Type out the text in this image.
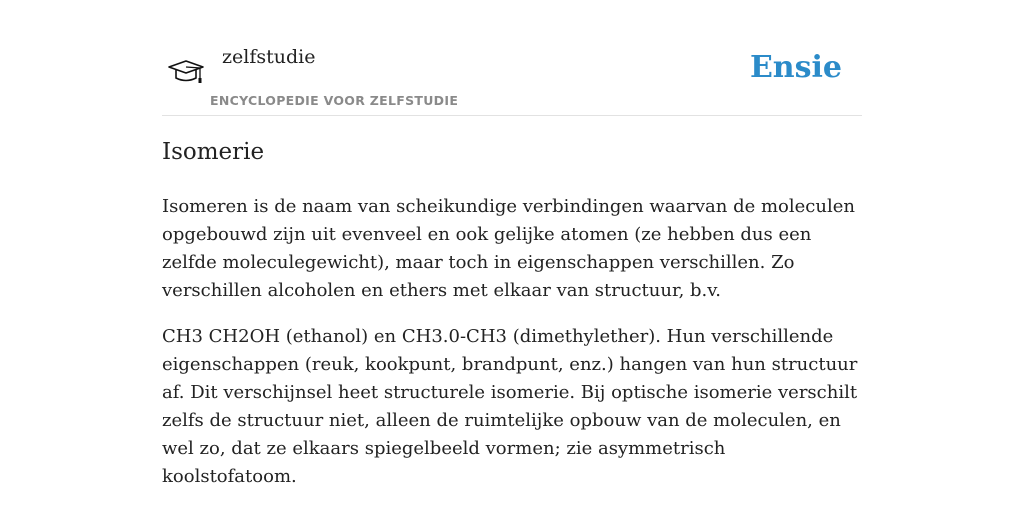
zelfstudie
ENCYCLOPEDIE VOOR ZELFSTUDIE
Ensie
Isomerie

Isomeren is de naam van scheikundige verbindingen waarvan de moleculen opgebouwd zijn uit evenveel en ook gelijke atomen (ze hebben dus een zelfde moleculegewicht), maar toch in eigenschappen verschillen. Zo verschillen alcoholen en ethers met elkaar van structuur, b.v.

CH3 CH2OH (ethanol) en CH3.0-CH3 (dimethylether). Hun verschillende eigenschappen (reuk, kookpunt, brandpunt, enz.) hangen van hun structuur af. Dit verschijnsel heet structurele isomerie. Bij optische isomerie verschilt zelfs de structuur niet, alleen de ruimtelijke opbouw van de moleculen, en wel zo, dat ze elkaars spiegelbeeld vormen; zie asymmetrisch koolstofatoom.
